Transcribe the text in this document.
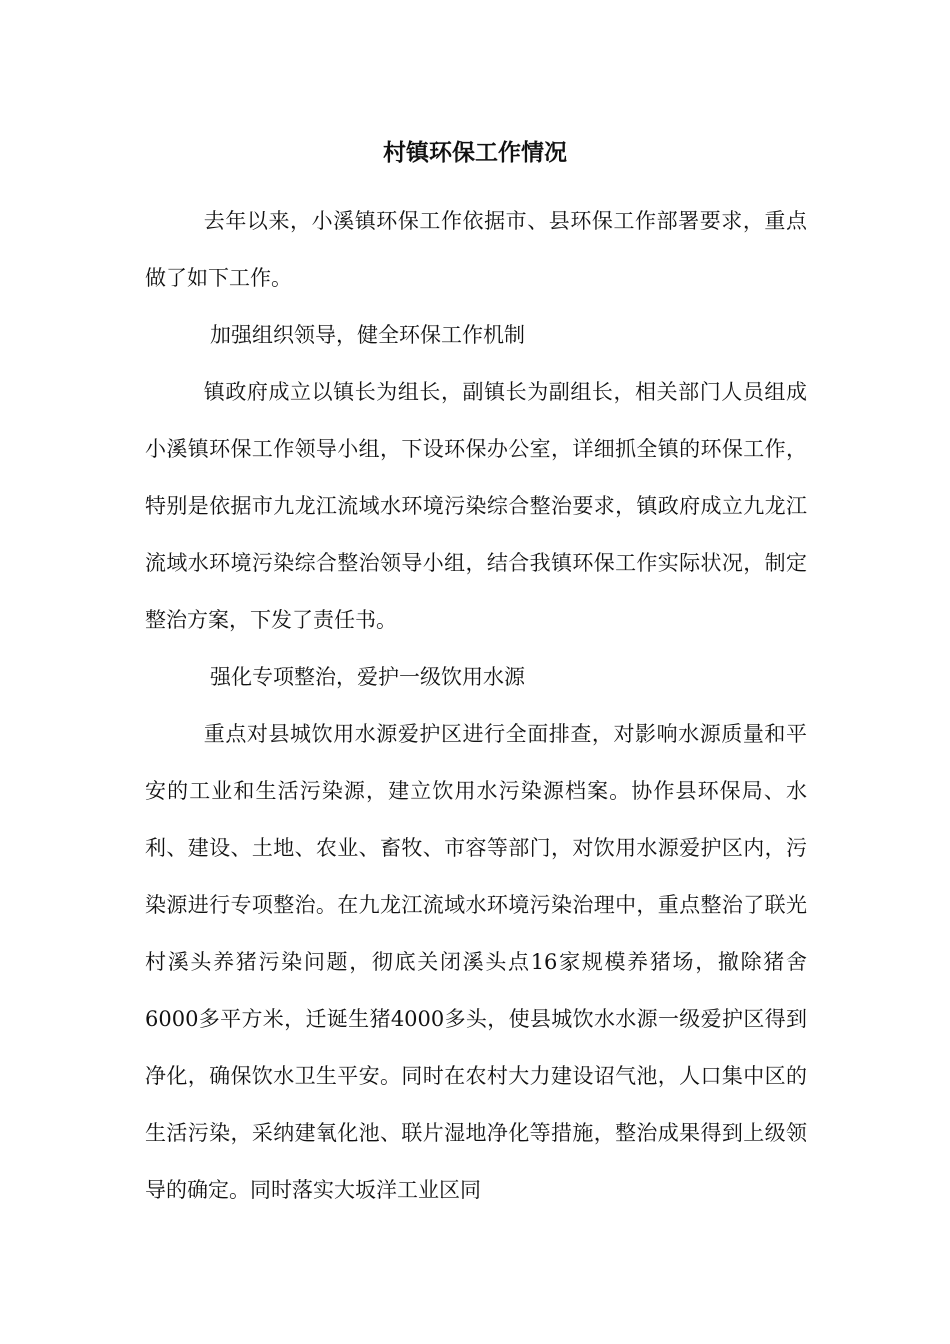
村镇环保工作情况

去年以来，小溪镇环保工作依据市、县环保工作部署要求，重点做了如下工作。

加强组织领导，健全环保工作机制

镇政府成立以镇长为组长，副镇长为副组长，相关部门人员组成小溪镇环保工作领导小组，下设环保办公室，详细抓全镇的环保工作，特别是依据市九龙江流域水环境污染综合整治要求，镇政府成立九龙江流域水环境污染综合整治领导小组，结合我镇环保工作实际状况，制定整治方案，下发了责任书。

强化专项整治，爱护一级饮用水源

重点对县城饮用水源爱护区进行全面排查，对影响水源质量和平安的工业和生活污染源，建立饮用水污染源档案。协作县环保局、水利、建设、土地、农业、畜牧、市容等部门，对饮用水源爱护区内，污染源进行专项整治。在九龙江流域水环境污染治理中，重点整治了联光村溪头养猪污染问题，彻底关闭溪头点16家规模养猪场，撤除猪舍6000多平方米，迁诞生猪4000多头，使县城饮水水源一级爱护区得到净化，确保饮水卫生平安。同时在农村大力建设诏气池，人口集中区的生活污染，采纳建氧化池、联片湿地净化等措施，整治成果得到上级领导的确定。同时落实大坂洋工业区同
